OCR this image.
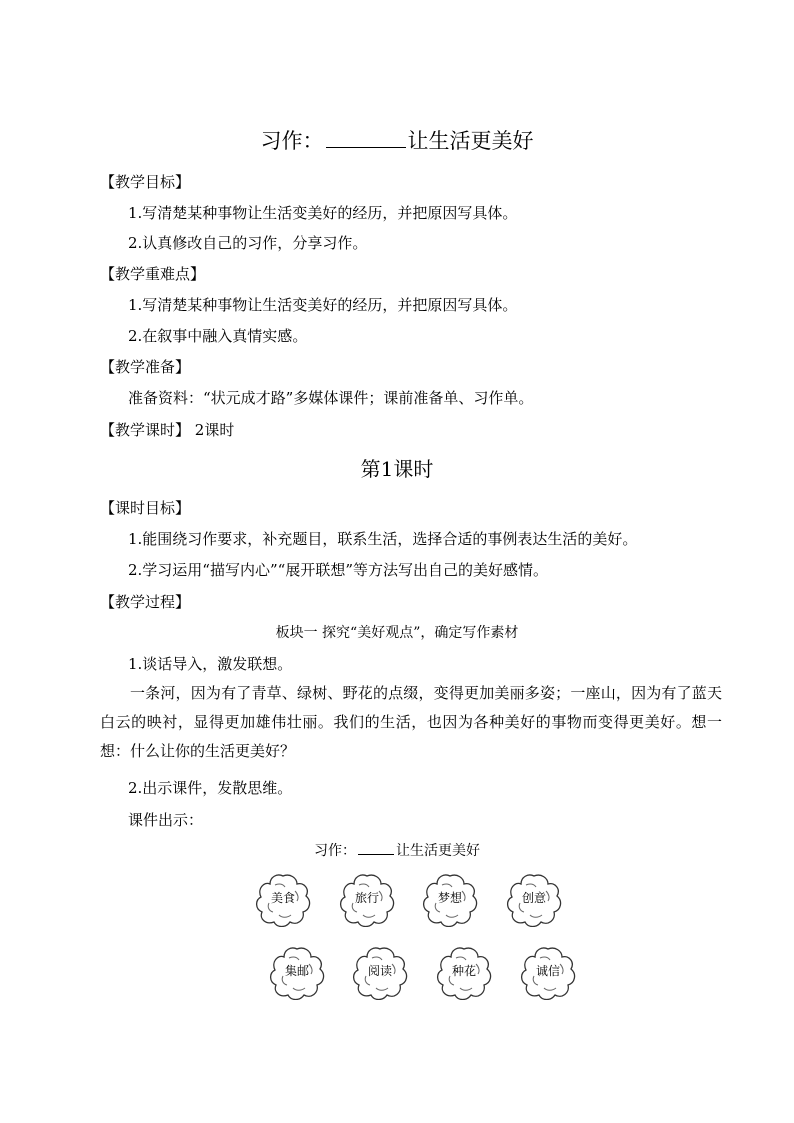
习作：	让生活更美好
【教学目标】
1.写清楚某种事物让生活变美好的经历，并把原因写具体。
2.认真修改自己的习作，分享习作。
【教学重难点】
1.写清楚某种事物让生活变美好的经历，并把原因写具体。
2.在叙事中融入真情实感。
【教学准备】
准备资料：“状元成才路”多媒体课件；课前准备单、习作单。
【教学课时】 2课时
第1课时
【课时目标】
1.能围绕习作要求，补充题目，联系生活，选择合适的事例表达生活的美好。
2.学习运用“描写内心”“展开联想”等方法写出自己的美好感情。
【教学过程】
板块一 探究“美好观点”，确定写作素材
1.谈话导入，激发联想。
一条河，因为有了青草、绿树、野花的点缀，变得更加美丽多姿；一座山，因为有了蓝天白云的映衬，显得更加雄伟壮丽。我们的生活，也因为各种美好的事物而变得更美好。想一想：什么让你的生活更美好？
2.出示课件，发散思维。
课件出示：
习作：	让生活更美好
美食	旅行	梦想	创意
集邮	阅读	种花	诚信
